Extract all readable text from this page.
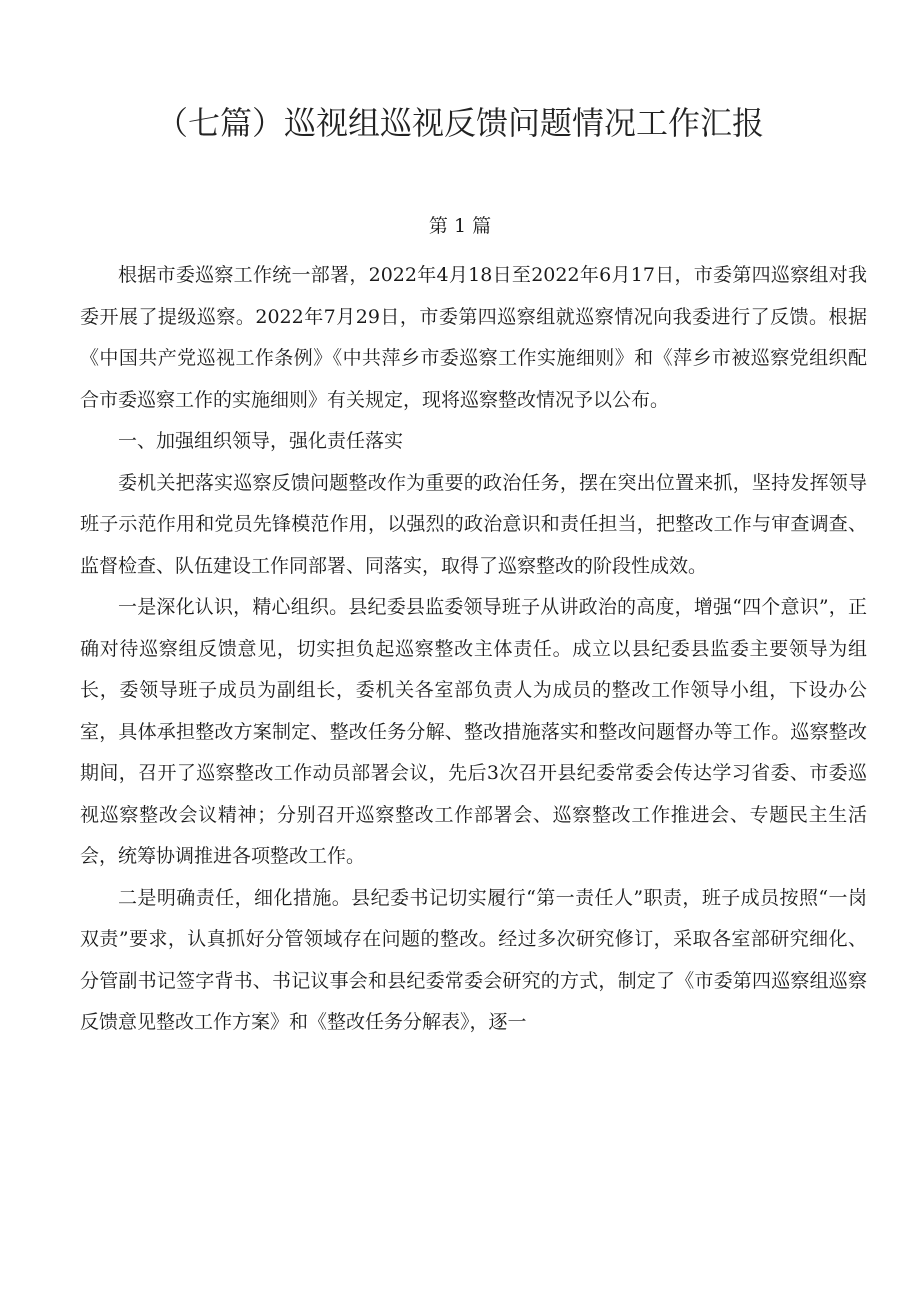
（七篇）巡视组巡视反馈问题情况工作汇报
第 1 篇

根据市委巡察工作统一部署，2022年4月18日至2022年6月17日，市委第四巡察组对我委开展了提级巡察。2022年7月29日，市委第四巡察组就巡察情况向我委进行了反馈。根据《中国共产党巡视工作条例》《中共萍乡市委巡察工作实施细则》和《萍乡市被巡察党组织配合市委巡察工作的实施细则》有关规定，现将巡察整改情况予以公布。

一、加强组织领导，强化责任落实

委机关把落实巡察反馈问题整改作为重要的政治任务，摆在突出位置来抓，坚持发挥领导班子示范作用和党员先锋模范作用，以强烈的政治意识和责任担当，把整改工作与审查调查、监督检查、队伍建设工作同部署、同落实，取得了巡察整改的阶段性成效。

一是深化认识，精心组织。县纪委县监委领导班子从讲政治的高度，增强“四个意识”，正确对待巡察组反馈意见，切实担负起巡察整改主体责任。成立以县纪委县监委主要领导为组长，委领导班子成员为副组长，委机关各室部负责人为成员的整改工作领导小组，下设办公室，具体承担整改方案制定、整改任务分解、整改措施落实和整改问题督办等工作。巡察整改期间，召开了巡察整改工作动员部署会议，先后3次召开县纪委常委会传达学习省委、市委巡视巡察整改会议精神；分别召开巡察整改工作部署会、巡察整改工作推进会、专题民主生活会，统筹协调推进各项整改工作。

二是明确责任，细化措施。县纪委书记切实履行“第一责任人”职责，班子成员按照“一岗双责”要求，认真抓好分管领域存在问题的整改。经过多次研究修订，采取各室部研究细化、分管副书记签字背书、书记议事会和县纪委常委会研究的方式，制定了《市委第四巡察组巡察反馈意见整改工作方案》和《整改任务分解表》，逐一
